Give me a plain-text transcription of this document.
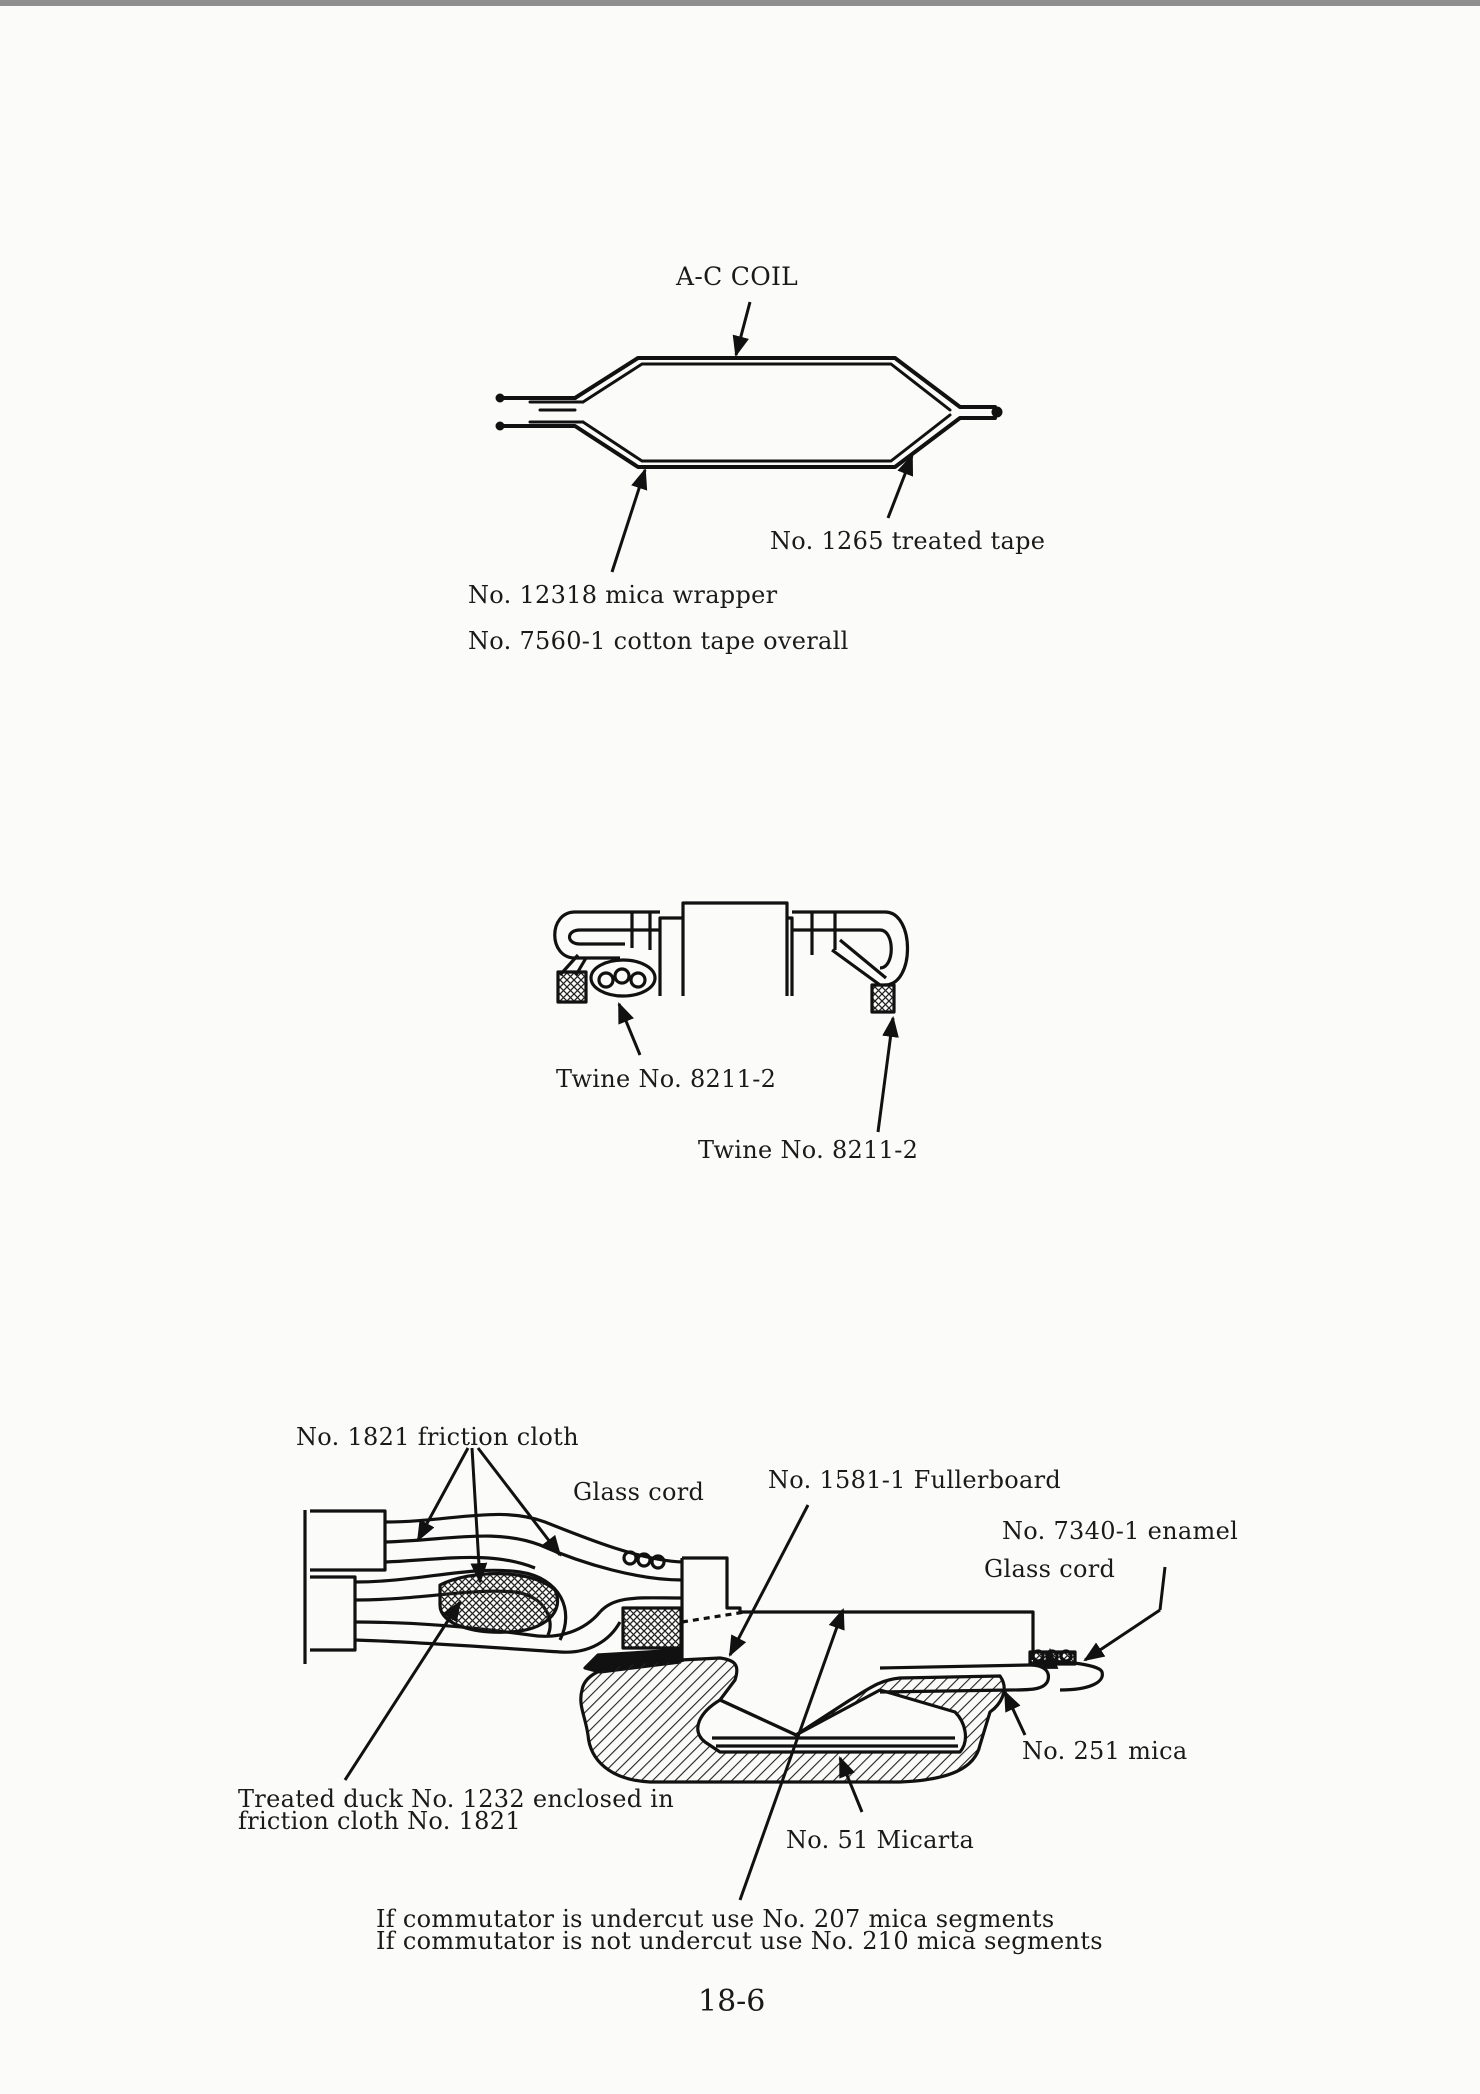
A-C COIL
No. 1265 treated tape
No. 12318 mica wrapper
No. 7560-1 cotton tape overall
Twine No. 8211-2
Twine No. 8211-2
No. 1821 friction cloth
Glass cord	No. 1581-1 Fullerboard
No. 7340-1 enamel
Glass cord
No. 251 mica
Treated duck No. 1232 enclosed in
friction cloth No. 1821
No. 51 Micarta
If commutator is undercut use No. 207 mica segments
If commutator is not undercut use No. 210 mica segments
18-6
